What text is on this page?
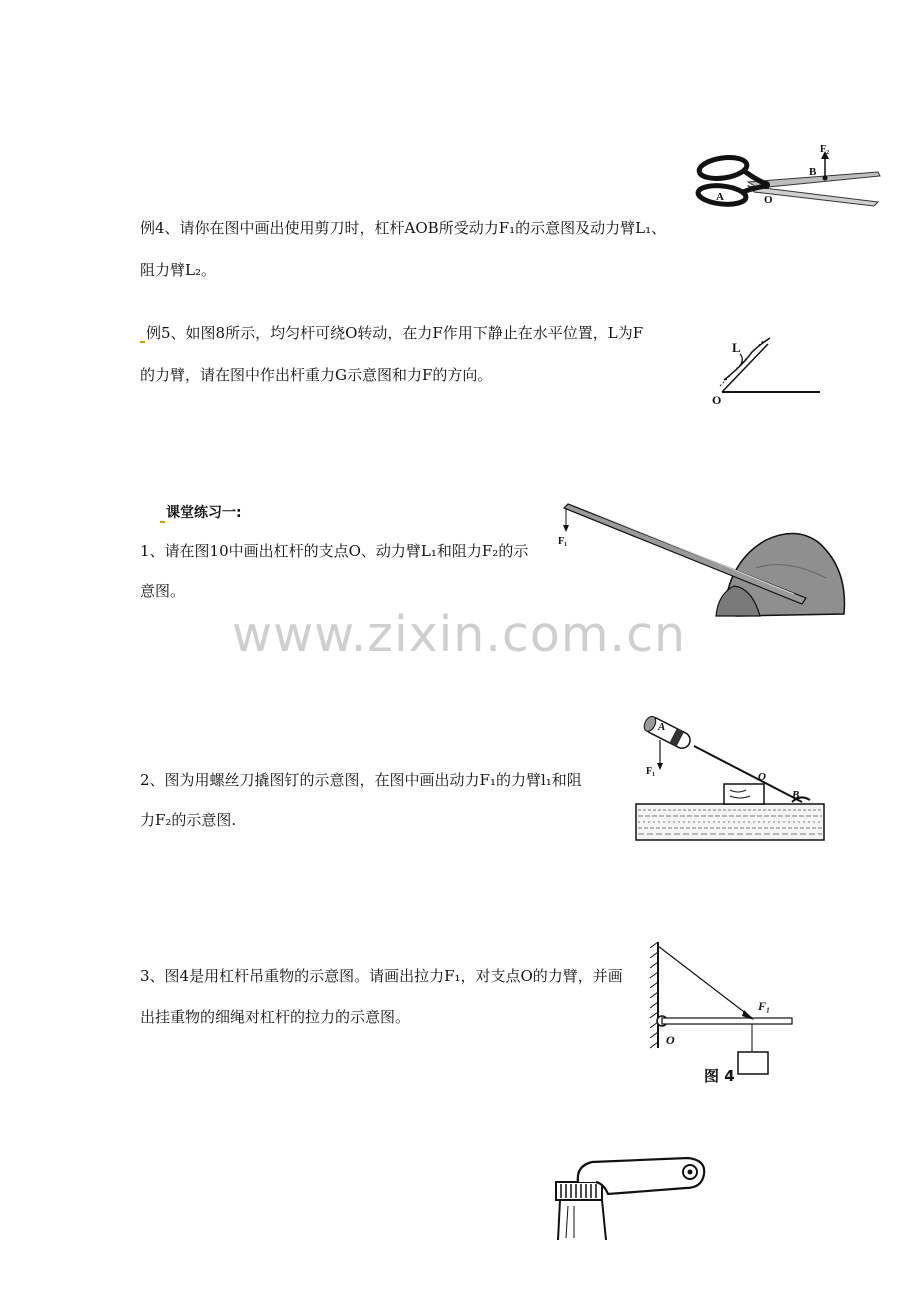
例4、请你在图中画出使用剪刀时，杠杆AOB所受动力F₁的示意图及动力臂L₁、
阻力臂L₂。
A	O
B
F₂
例5、如图8所示，均匀杆可绕O转动，在力F作用下静止在水平位置，L为F
的力臂，请在图中作出杆重力G示意图和力F的方向。
L
O
课堂练习一:
1、请在图10中画出杠杆的支点O、动力臂L₁和阻力F₂的示
意图。
F₁
www.zixin.com.cn
2、图为用螺丝刀撬图钉的示意图，在图中画出动力F₁的力臂l₁和阻
力F₂的示意图.
A
F₁	O
B
3、图4是用杠杆吊重物的示意图。请画出拉力F₁，对支点O的力臂，并画
出挂重物的细绳对杠杆的拉力的示意图。
F₁
O
图 4
